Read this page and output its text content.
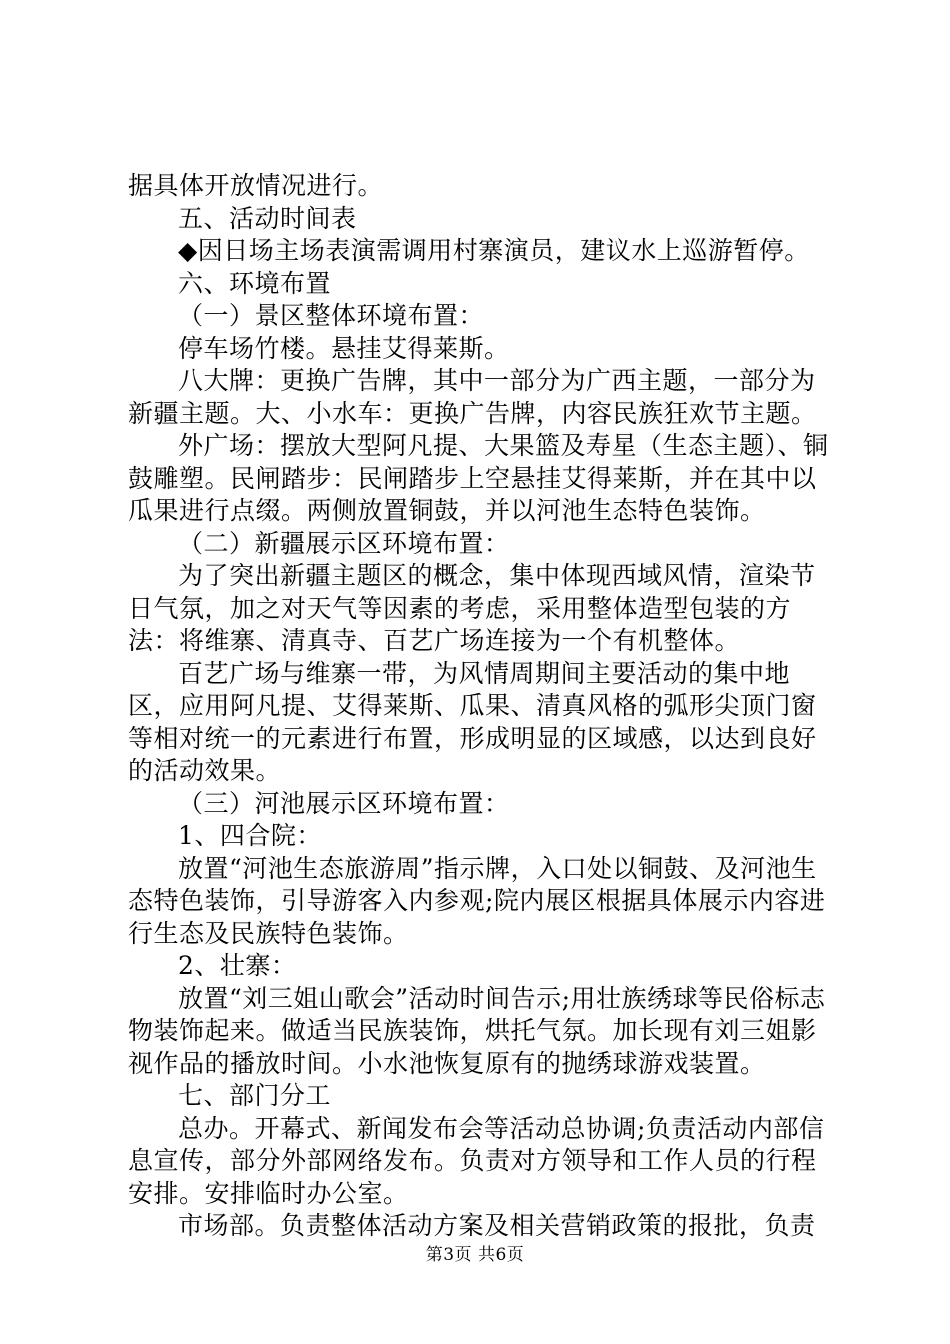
据具体开放情况进行。

五、活动时间表

◆因日场主场表演需调用村寨演员，建议水上巡游暂停。

六、环境布置

（一）景区整体环境布置：

停车场竹楼。悬挂艾得莱斯。

八大牌：更换广告牌，其中一部分为广西主题，一部分为新疆主题。大、小水车：更换广告牌，内容民族狂欢节主题。

外广场：摆放大型阿凡提、大果篮及寿星（生态主题）、铜鼓雕塑。民闸踏步：民闸踏步上空悬挂艾得莱斯，并在其中以瓜果进行点缀。两侧放置铜鼓，并以河池生态特色装饰。

（二）新疆展示区环境布置：

为了突出新疆主题区的概念，集中体现西域风情，渲染节日气氛，加之对天气等因素的考虑，采用整体造型包装的方法：将维寨、清真寺、百艺广场连接为一个有机整体。

百艺广场与维寨一带，为风情周期间主要活动的集中地区，应用阿凡提、艾得莱斯、瓜果、清真风格的弧形尖顶门窗等相对统一的元素进行布置，形成明显的区域感，以达到良好的活动效果。

（三）河池展示区环境布置：

1、四合院：

放置“河池生态旅游周”指示牌，入口处以铜鼓、及河池生态特色装饰，引导游客入内参观;院内展区根据具体展示内容进行生态及民族特色装饰。

2、壮寨：

放置“刘三姐山歌会”活动时间告示;用壮族绣球等民俗标志物装饰起来。做适当民族装饰，烘托气氛。加长现有刘三姐影视作品的播放时间。小水池恢复原有的抛绣球游戏装置。

七、部门分工

总办。开幕式、新闻发布会等活动总协调;负责活动内部信息宣传，部分外部网络发布。负责对方领导和工作人员的行程安排。安排临时办公室。

市场部。负责整体活动方案及相关营销政策的报批，负责

第3页 共6页
